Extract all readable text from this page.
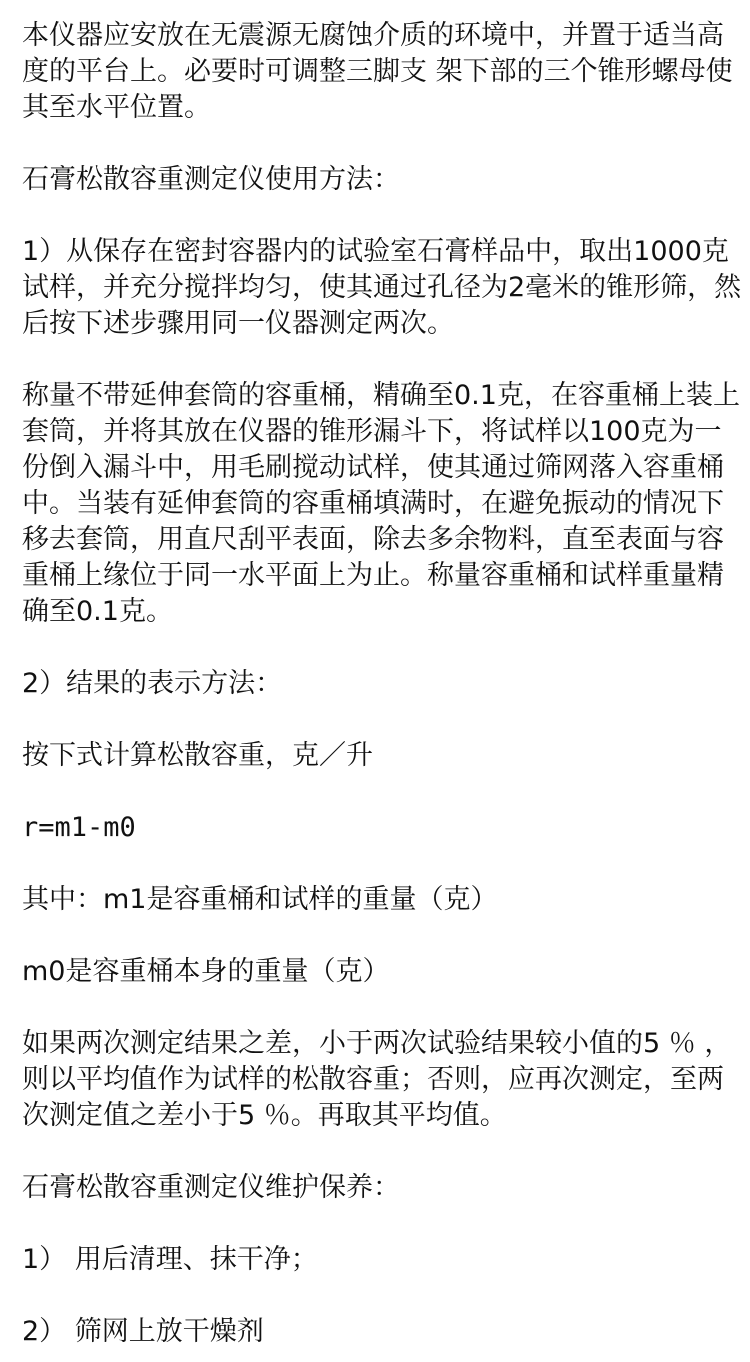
本仪器应安放在无震源无腐蚀介质的环境中，并置于适当高度的平台上。必要时可调整三脚支 架下部的三个锥形螺母使其至水平位置。

石膏松散容重测定仪使用方法：

1）从保存在密封容器内的试验室石膏样品中，取出1000克试样，并充分搅拌均匀，使其通过孔径为2毫米的锥形筛，然后按下述步骤用同一仪器测定两次。

称量不带延伸套筒的容重桶，精确至0.1克，在容重桶上装上套筒，并将其放在仪器的锥形漏斗下，将试样以100克为一份倒入漏斗中，用毛刷搅动试样，使其通过筛网落入容重桶中。当装有延伸套筒的容重桶填满时，在避免振动的情况下移去套筒，用直尺刮平表面，除去多余物料，直至表面与容重桶上缘位于同一水平面上为止。称量容重桶和试样重量精确至0.1克。

2）结果的表示方法：

按下式计算松散容重，克／升

r=m1-m0

其中：m1是容重桶和试样的重量（克）

m0是容重桶本身的重量（克）

如果两次测定结果之差，小于两次试验结果较小值的5 ％ ，则以平均值作为试样的松散容重；否则，应再次测定，至两次测定值之差小于5 ％。再取其平均值。

石膏松散容重测定仪维护保养：

1） 用后清理、抹干净；

2） 筛网上放干燥剂
